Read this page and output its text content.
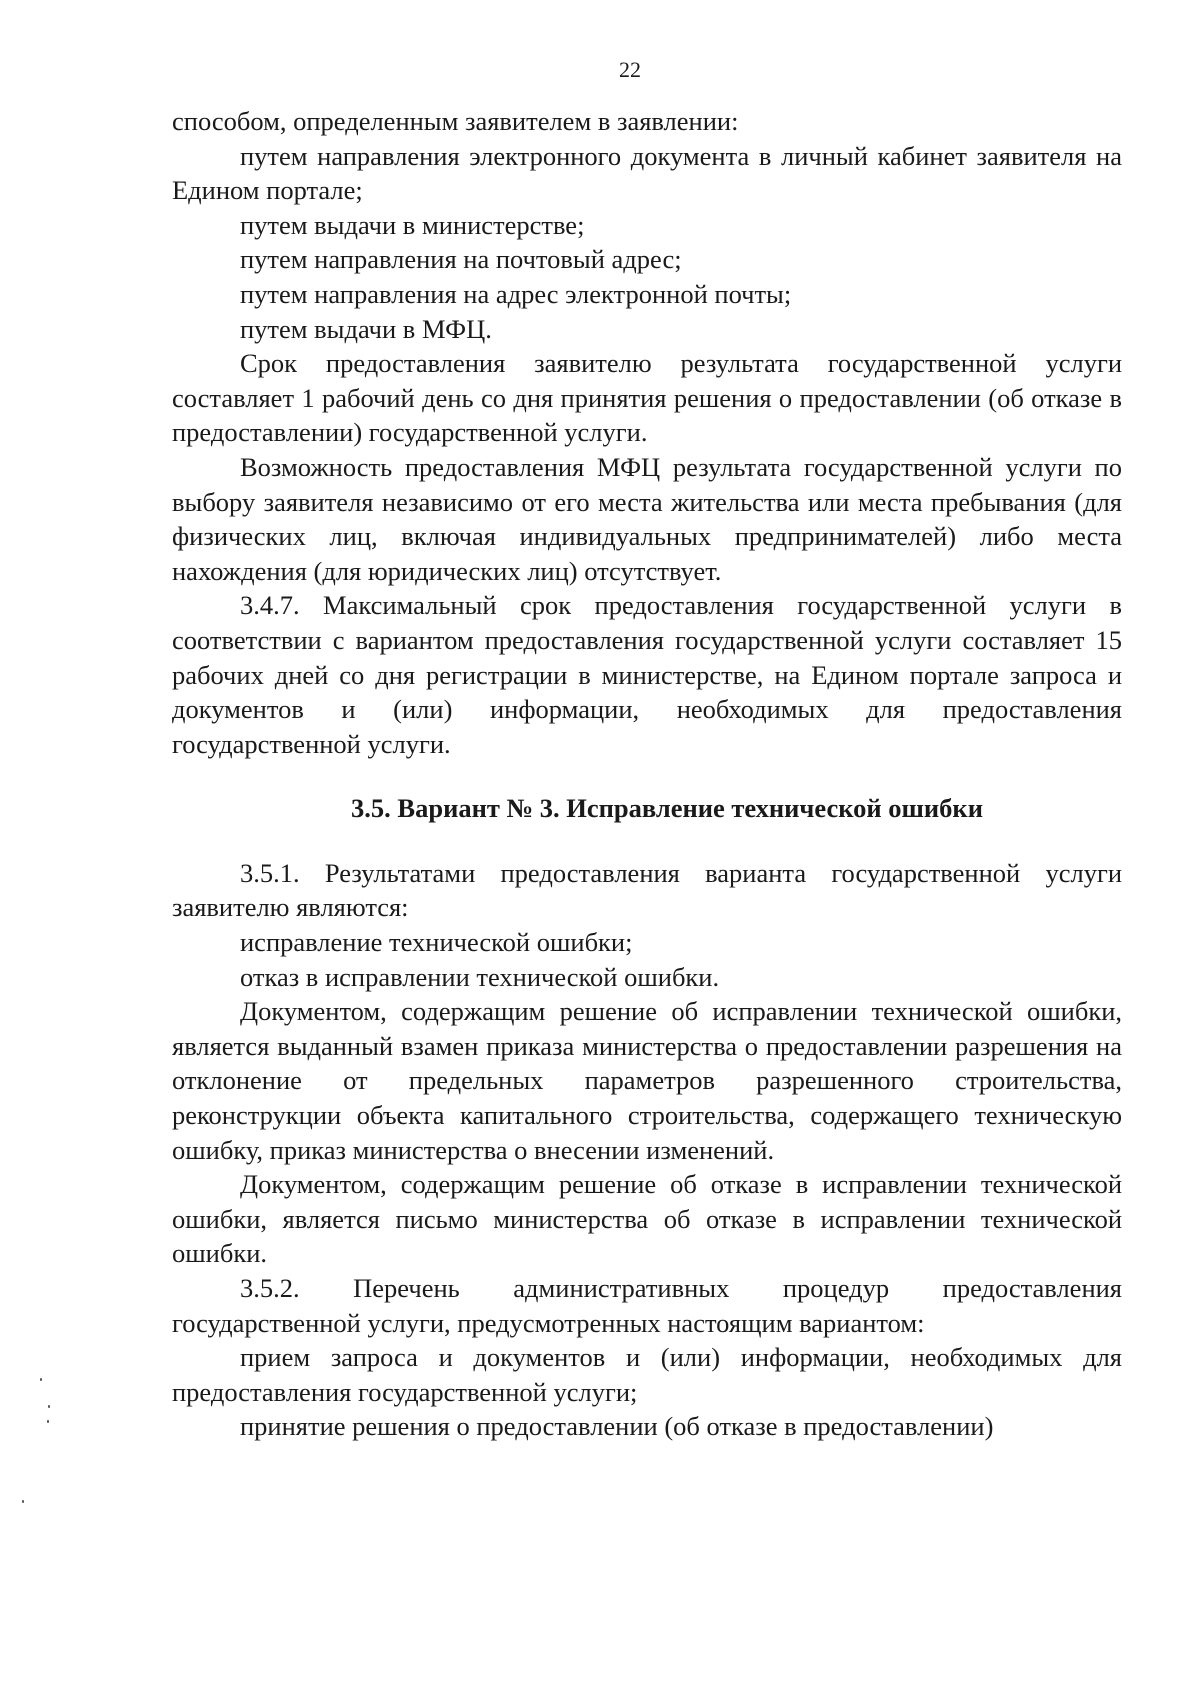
22

способом, определенным заявителем в заявлении:

путем направления электронного документа в личный кабинет заявителя на Едином портале;

путем выдачи в министерстве;

путем направления на почтовый адрес;

путем направления на адрес электронной почты;

путем выдачи в МФЦ.

Срок предоставления заявителю результата государственной услуги составляет 1 рабочий день со дня принятия решения о предоставлении (об отказе в предоставлении) государственной услуги.

Возможность предоставления МФЦ результата государственной услуги по выбору заявителя независимо от его места жительства или места пребывания (для физических лиц, включая индивидуальных предпринимателей) либо места нахождения (для юридических лиц) отсутствует.

3.4.7. Максимальный срок предоставления государственной услуги в соответствии с вариантом предоставления государственной услуги составляет 15 рабочих дней со дня регистрации в министерстве, на Едином портале запроса и документов и (или) информации, необходимых для предоставления государственной услуги.

3.5. Вариант № 3. Исправление технической ошибки

3.5.1. Результатами предоставления варианта государственной услуги заявителю являются:

исправление технической ошибки;

отказ в исправлении технической ошибки.

Документом, содержащим решение об исправлении технической ошибки, является выданный взамен приказа министерства о предоставлении разрешения на отклонение от предельных параметров разрешенного строительства, реконструкции объекта капитального строительства, содержащего техническую ошибку, приказ министерства о внесении изменений.

Документом, содержащим решение об отказе в исправлении технической ошибки, является письмо министерства об отказе в исправлении технической ошибки.

3.5.2. Перечень административных процедур предоставления государственной услуги, предусмотренных настоящим вариантом:

прием запроса и документов и (или) информации, необходимых для предоставления государственной услуги;

принятие решения о предоставлении (об отказе в предоставлении)
